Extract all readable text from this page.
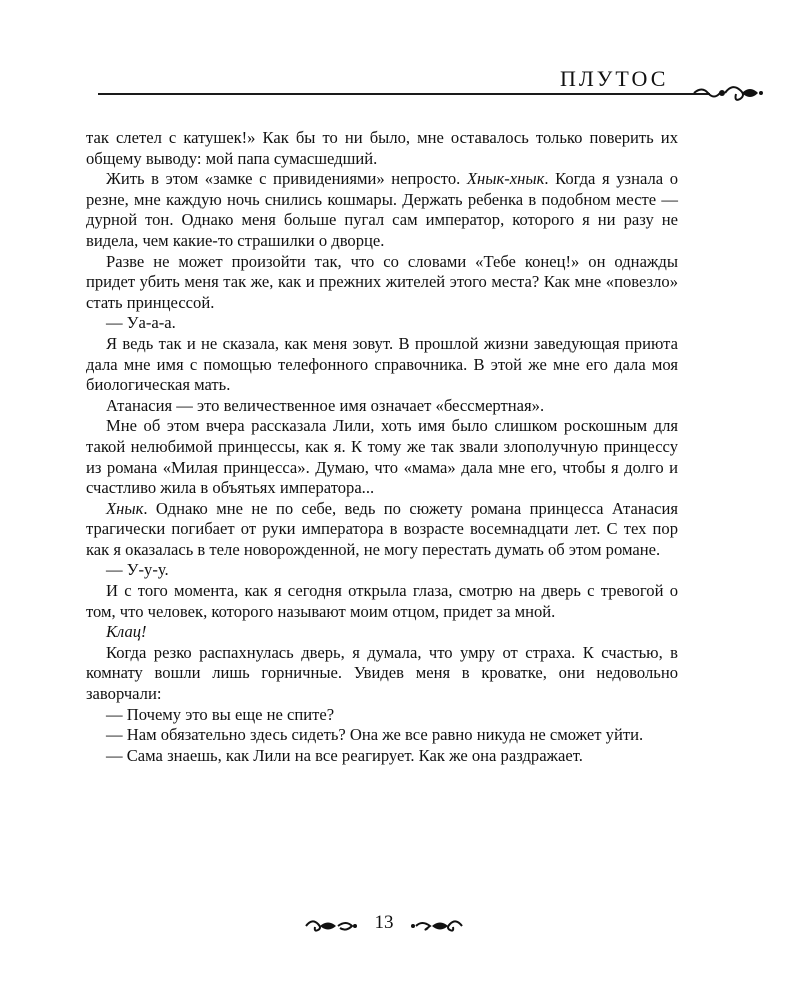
ПЛУТОС

так слетел с катушек!» Как бы то ни было, мне оставалось только поверить их общему выводу: мой папа сумасшедший.

Жить в этом «замке с привидениями» непросто. Хнык-хнык. Когда я узнала о резне, мне каждую ночь снились кошмары. Держать ребенка в подобном месте — дурной тон. Однако меня больше пугал сам император, которого я ни разу не видела, чем какие-то страшилки о дворце.

Разве не может произойти так, что со словами «Тебе конец!» он однажды придет убить меня так же, как и прежних жителей этого места? Как мне «повезло» стать принцессой.

— Уа-а-а.

Я ведь так и не сказала, как меня зовут. В прошлой жизни заведующая приюта дала мне имя с помощью телефонного справочника. В этой же мне его дала моя биологическая мать.

Атанасия — это величественное имя означает «бессмертная».

Мне об этом вчера рассказала Лили, хоть имя было слишком роскошным для такой нелюбимой принцессы, как я. К тому же так звали злополучную принцессу из романа «Милая принцесса». Думаю, что «мама» дала мне его, чтобы я долго и счастливо жила в объятьях императора...

Хнык. Однако мне не по себе, ведь по сюжету романа принцесса Атанасия трагически погибает от руки императора в возрасте восемнадцати лет. С тех пор как я оказалась в теле новорожденной, не могу перестать думать об этом романе.

— У-у-у.

И с того момента, как я сегодня открыла глаза, смотрю на дверь с тревогой о том, что человек, которого называют моим отцом, придет за мной.

Клац!

Когда резко распахнулась дверь, я думала, что умру от страха. К счастью, в комнату вошли лишь горничные. Увидев меня в кроватке, они недовольно заворчали:

— Почему это вы еще не спите?

— Нам обязательно здесь сидеть? Она же все равно никуда не сможет уйти.

— Сама знаешь, как Лили на все реагирует. Как же она раздражает.

13
